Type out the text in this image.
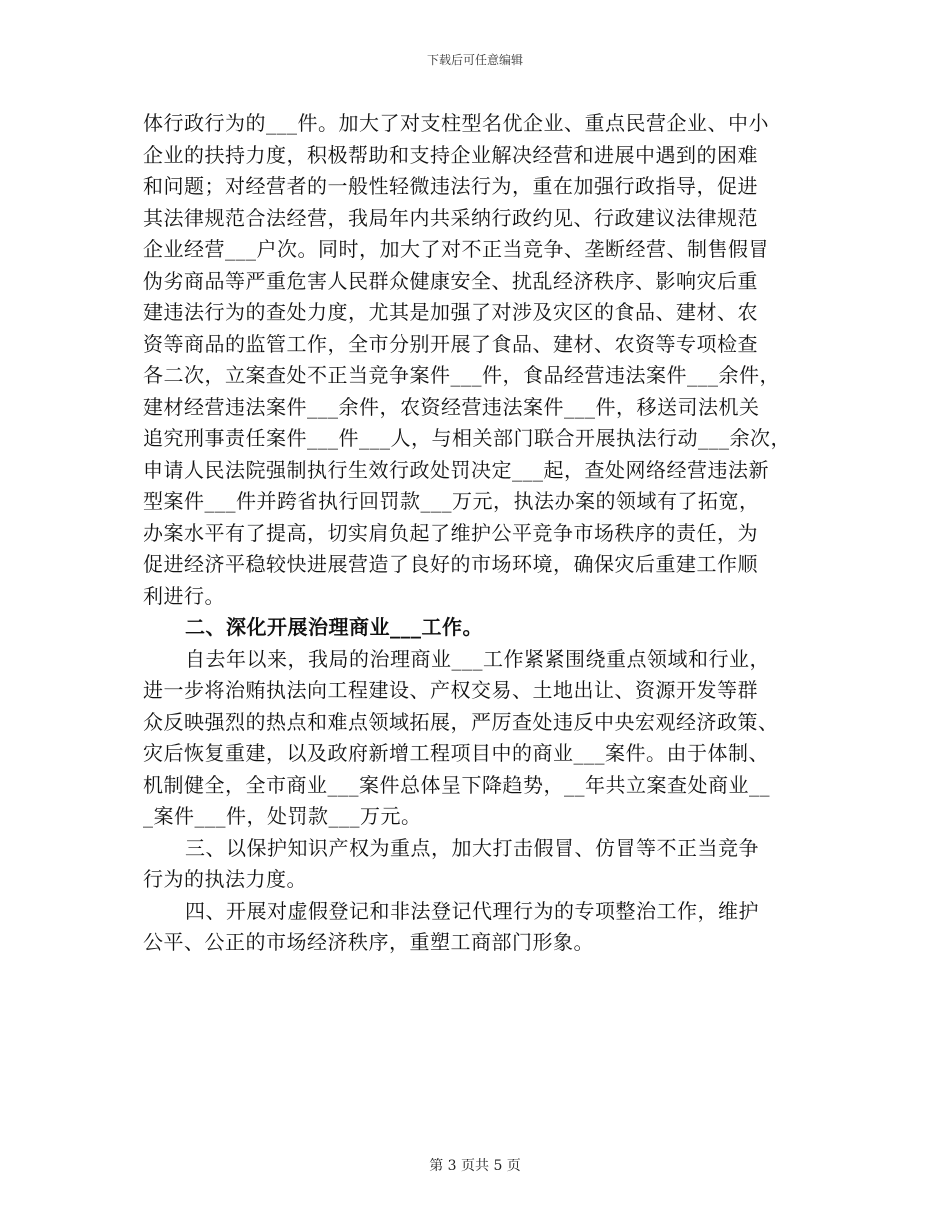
下载后可任意编辑
体行政行为的___件。加大了对支柱型名优企业、重点民营企业、中小
企业的扶持力度，积极帮助和支持企业解决经营和进展中遇到的困难
和问题；对经营者的一般性轻微违法行为，重在加强行政指导，促进
其法律规范合法经营，我局年内共采纳行政约见、行政建议法律规范
企业经营___户次。同时，加大了对不正当竞争、垄断经营、制售假冒
伪劣商品等严重危害人民群众健康安全、扰乱经济秩序、影响灾后重
建违法行为的查处力度，尤其是加强了对涉及灾区的食品、建材、农
资等商品的监管工作，全市分别开展了食品、建材、农资等专项检查
各二次，立案查处不正当竞争案件___件，食品经营违法案件___余件，
建材经营违法案件___余件，农资经营违法案件___件，移送司法机关
追究刑事责任案件___件___人，与相关部门联合开展执法行动___余次，
申请人民法院强制执行生效行政处罚决定___起，查处网络经营违法新
型案件___件并跨省执行回罚款___万元，执法办案的领域有了拓宽，
办案水平有了提高，切实肩负起了维护公平竞争市场秩序的责任，为
促进经济平稳较快进展营造了良好的市场环境，确保灾后重建工作顺
利进行。
二、深化开展治理商业___工作。
自去年以来，我局的治理商业___工作紧紧围绕重点领域和行业，
进一步将治贿执法向工程建设、产权交易、土地出让、资源开发等群
众反映强烈的热点和难点领域拓展，严厉查处违反中央宏观经济政策、
灾后恢复重建，以及政府新增工程项目中的商业___案件。由于体制、
机制健全，全市商业___案件总体呈下降趋势，__年共立案查处商业__
_案件___件，处罚款___万元。
三、以保护知识产权为重点，加大打击假冒、仿冒等不正当竞争
行为的执法力度。
四、开展对虚假登记和非法登记代理行为的专项整治工作，维护
公平、公正的市场经济秩序，重塑工商部门形象。
第 3 页共 5 页
